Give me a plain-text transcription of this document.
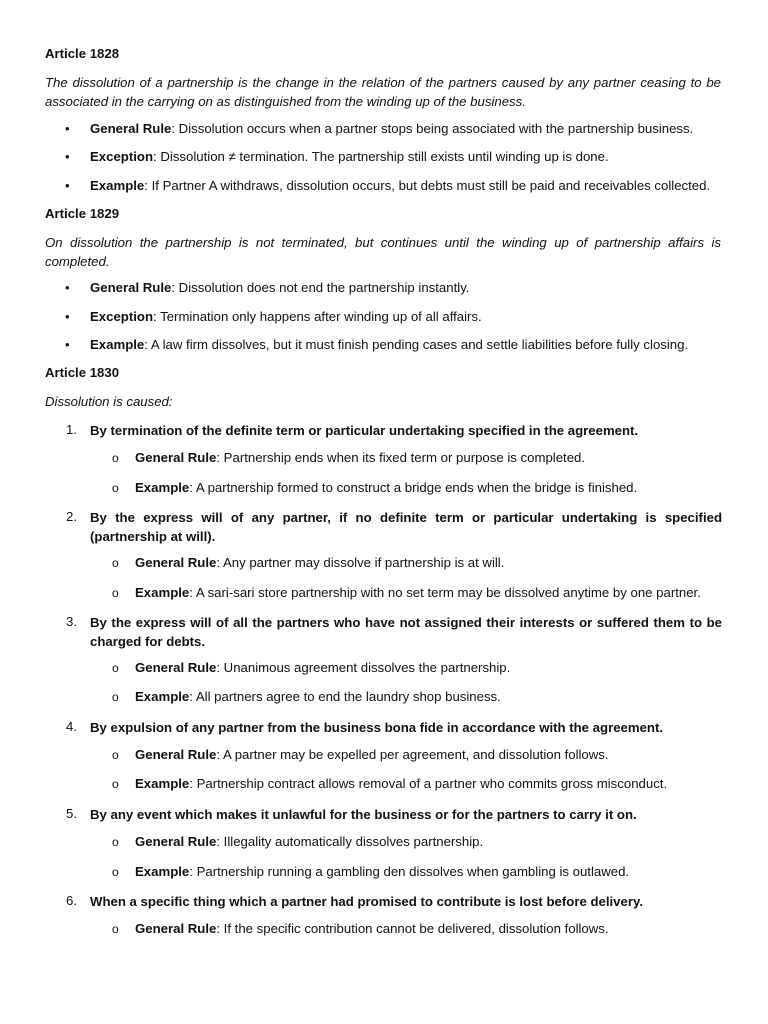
Article 1828
The dissolution of a partnership is the change in the relation of the partners caused by any partner ceasing to be associated in the carrying on as distinguished from the winding up of the business.
• General Rule: Dissolution occurs when a partner stops being associated with the partnership business.
• Exception: Dissolution ≠ termination. The partnership still exists until winding up is done.
• Example: If Partner A withdraws, dissolution occurs, but debts must still be paid and receivables collected.
Article 1829
On dissolution the partnership is not terminated, but continues until the winding up of partnership affairs is completed.
• General Rule: Dissolution does not end the partnership instantly.
• Exception: Termination only happens after winding up of all affairs.
• Example: A law firm dissolves, but it must finish pending cases and settle liabilities before fully closing.
Article 1830
Dissolution is caused:
1. By termination of the definite term or particular undertaking specified in the agreement.
o General Rule: Partnership ends when its fixed term or purpose is completed.
o Example: A partnership formed to construct a bridge ends when the bridge is finished.
2. By the express will of any partner, if no definite term or particular undertaking is specified (partnership at will).
o General Rule: Any partner may dissolve if partnership is at will.
o Example: A sari-sari store partnership with no set term may be dissolved anytime by one partner.
3. By the express will of all the partners who have not assigned their interests or suffered them to be charged for debts.
o General Rule: Unanimous agreement dissolves the partnership.
o Example: All partners agree to end the laundry shop business.
4. By expulsion of any partner from the business bona fide in accordance with the agreement.
o General Rule: A partner may be expelled per agreement, and dissolution follows.
o Example: Partnership contract allows removal of a partner who commits gross misconduct.
5. By any event which makes it unlawful for the business or for the partners to carry it on.
o General Rule: Illegality automatically dissolves partnership.
o Example: Partnership running a gambling den dissolves when gambling is outlawed.
6. When a specific thing which a partner had promised to contribute is lost before delivery.
o General Rule: If the specific contribution cannot be delivered, dissolution follows.
